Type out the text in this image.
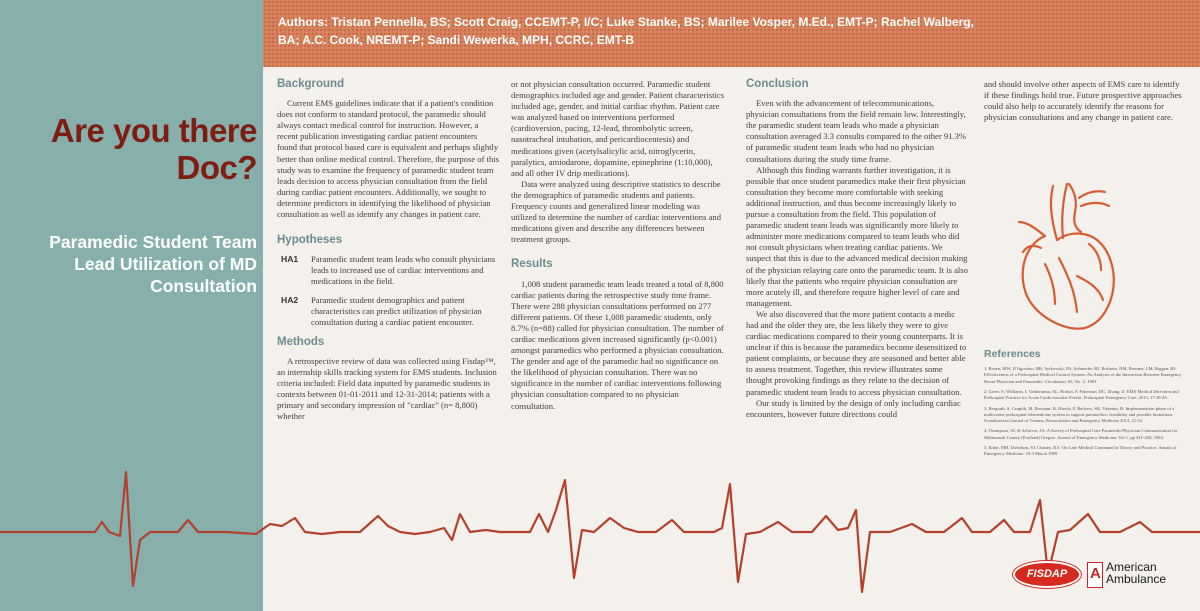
Are you there
Doc?
Paramedic Student Team
Lead Utilization of MD
Consultation
Authors: Tristan Pennella, BS; Scott Craig, CCEMT-P, I/C; Luke Stanke, BS; Marilee Vosper, M.Ed., EMT-P; Rachel Walberg, BA; A.C. Cook, NREMT-P; Sandi Wewerka, MPH, CCRC, EMT-B
Background

Current EMS guidelines indicate that if a patient's condition does not conform to standard protocol, the paramedic should always contact medical control for instruction. However, a recent publication investigating cardiac patient encounters found that protocol based care is equivalent and perhaps slightly better than online medical control. Therefore, the purpose of this study was to examine the frequency of paramedic student team leads decision to access physician consultation from the field during cardiac patient encounters. Additionally, we sought to determine predictors in identifying the likelihood of physician consultation as well as identify any changes in patient care.

Hypotheses
HA1	Paramedic student team leads who consult physicians leads to increased use of cardiac interventions and medications in the field.
HA2	Paramedic student demographics and patient characteristics can predict utilization of physician consultation during a cardiac patient encounter.
Methods

A retrospective review of data was collected using Fisdap™, an internship skills tracking system for EMS students. Inclusion criteria included: Field data inputted by paramedic students in contexts between 01-01-2011 and 12-31-2014; patients with a primary and secondary impression of "cardiac" (n= 8,800) whether

or not physician consultation occurred. Paramedic student demographics included age and gender. Patient characteristics included age, gender, and initial cardiac rhythm. Patient care was analyzed based on interventions performed (cardioversion, pacing, 12-lead, thrombolytic screen, nasotracheal intubation, and pericardiocentesis) and medications given (acetylsalicylic acid, nitroglycerin, paralytics, amiodarone, dopamine, epinephrine (1:10,000), and all other IV drip medications).

Data were analyzed using descriptive statistics to describe the demographics of paramedic students and patients. Frequency counts and generalized linear modeling was utilized to determine the number of cardiac interventions and medications given and describe any differences between treatment groups.

Results

1,008 student paramedic team leads treated a total of 8,800 cardiac patients during the retrospective study time frame. There were 288 physician consultations performed on 277 different patients. Of these 1,008 paramedic students, only 8.7% (n=88) called for physician consultation. The number of cardiac medications given increased significantly (p<0.001) amongst paramedics who performed a physician consultation. The gender and age of the paramedic had no significance on the likelihood of physician consultation. There was no significance in the number of cardiac interventions following physician consultation compared to no physician consultation.

Conclusion

Even with the advancement of telecommunications, physician consultations from the field remain low. Interestingly, the paramedic student team leads who made a physician consultation averaged 3.3 consults compared to the other 91.3% of paramedic student team leads who had no physician consultations during the study time frame.

Although this finding warrants further investigation, it is possible that once student paramedics make their first physician consultation they become more comfortable with seeking additional instruction, and thus become increasingly likely to pursue a consultation from the field. This population of paramedic student team leads was significantly more likely to administer more medications compared to team leads who did not consult physicians when treating cardiac patients. We suspect that this is due to the advanced medical decision making of the physician relaying care onto the paramedic team. It is also likely that the patients who require physician consultation are more acutely ill, and therefore require higher level of care and management.

We also discovered that the more patient contacts a medic had and the older they are, the less likely they were to give cardiac medications compared to their young counterparts. It is unclear if this is because the paramedics become desensitized to patient complaints, or because they are seasoned and better able to assess treatment. Together, this review illustrates some thought provoking findings as they relate to the decision of paramedic student team leads to access physician consultation.

Our study is limited by the design of only including cardiac encounters, however future directions could

and should involve other aspects of EMS care to identify if these findings hold true. Future prospective approaches could also help to accurately identify the reasons for physician consultations and any change in patient care.

References
1. Rosen, MW, D'Agostino, RB, Sytkowski, PA, Schneider, BJ, Bolstein, NM, Brenner, LM, Biggen, BJ: Effectiveness of a Prehospital Medical Control System: An Analysis of the Interaction Between Emergency Room Physician and Paramedic. Circulation, 63, No. 2, 1981
2. Greer, S, Williams, I, Valderrama, AL, Bolton, P, Patterson, DC, Zhang, Z: EMS Medical Direction and Prehospital Practice for Acute Cardiovascular Events. Prehospital Emergency Care, 2013, 17:38-45.
3. Bergrath, S, Czaplik, M, Rossaint, R, Hirsch, F, Beckers, SK, Valentin, B: Implementation phase of a multicenter prehospital telemedicine system to support paramedics: feasibility and possible limitations. Scandinavian Journal of Trauma, Resuscitation and Emergency Medicine 2013, 21:54
4. Thompson, SJ, & Schriver, JA: A Survey of Prehospital Care Paramedic/Physician Communication for Multnomah County (Portland) Oregon. Journal of Emergency Medicine, Vol 1, pp 421-428, 1984.
5. Erder, MH, Davidson, SJ, Chaney, RA: On Line Medical Command in Theory and Practice. Annals of Emergency Medicine. 18:3 March 1989
FISDAP	A American
Ambulance
